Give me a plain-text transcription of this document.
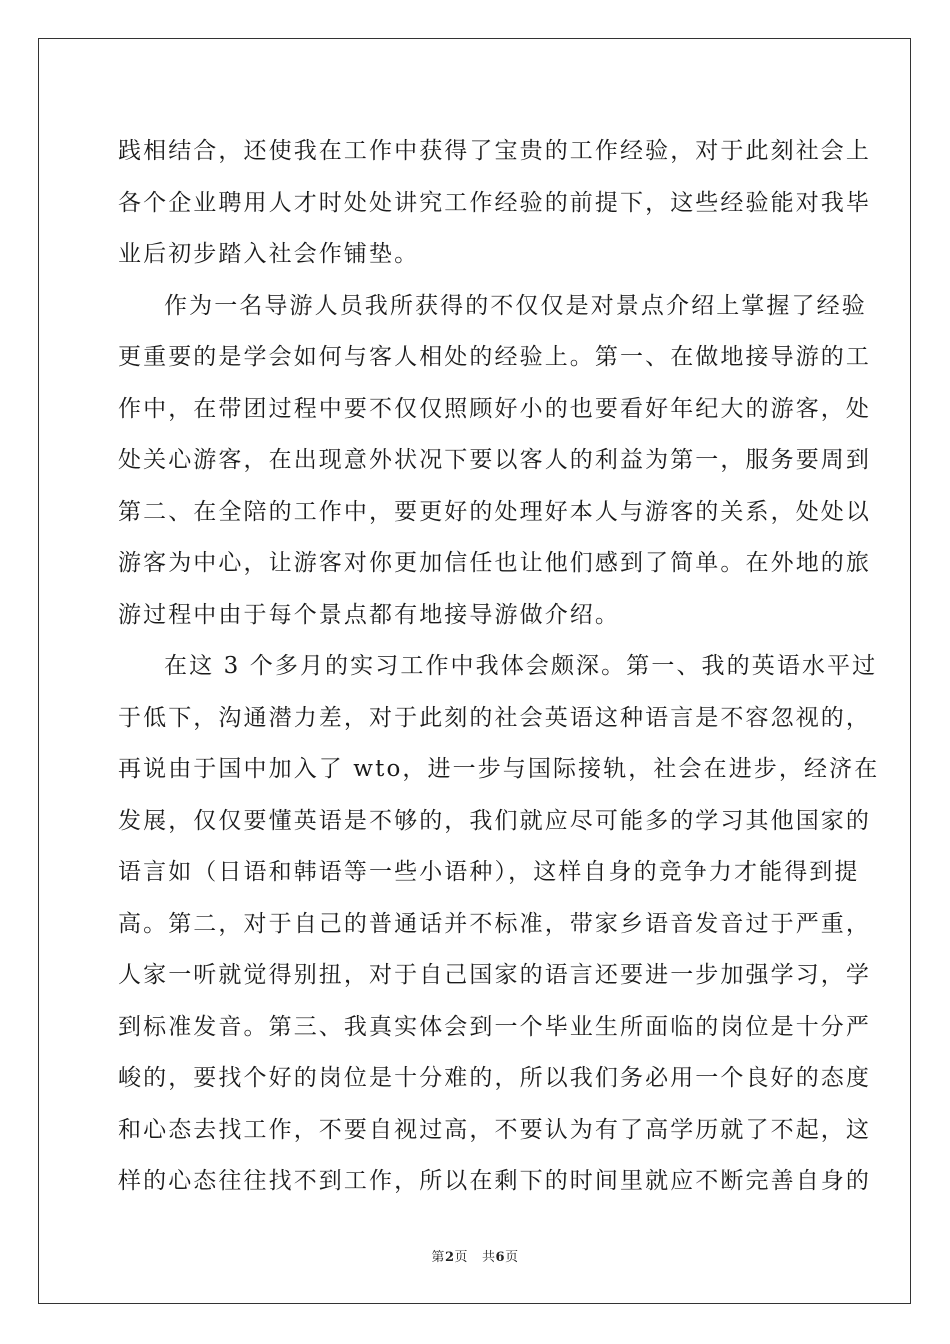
践相结合，还使我在工作中获得了宝贵的工作经验，对于此刻社会上
各个企业聘用人才时处处讲究工作经验的前提下，这些经验能对我毕
业后初步踏入社会作铺垫。
作为一名导游人员我所获得的不仅仅是对景点介绍上掌握了经验
更重要的是学会如何与客人相处的经验上。第一、在做地接导游的工
作中，在带团过程中要不仅仅照顾好小的也要看好年纪大的游客，处
处关心游客，在出现意外状况下要以客人的利益为第一，服务要周到
第二、在全陪的工作中，要更好的处理好本人与游客的关系，处处以
游客为中心，让游客对你更加信任也让他们感到了简单。在外地的旅
游过程中由于每个景点都有地接导游做介绍。
在这 3 个多月的实习工作中我体会颇深。第一、我的英语水平过
于低下，沟通潜力差，对于此刻的社会英语这种语言是不容忽视的，
再说由于国中加入了 wto，进一步与国际接轨，社会在进步，经济在
发展，仅仅要懂英语是不够的，我们就应尽可能多的学习其他国家的
语言如（日语和韩语等一些小语种），这样自身的竞争力才能得到提
高。第二，对于自己的普通话并不标准，带家乡语音发音过于严重，
人家一听就觉得别扭，对于自己国家的语言还要进一步加强学习，学
到标准发音。第三、我真实体会到一个毕业生所面临的岗位是十分严
峻的，要找个好的岗位是十分难的，所以我们务必用一个良好的态度
和心态去找工作，不要自视过高，不要认为有了高学历就了不起，这
样的心态往往找不到工作，所以在剩下的时间里就应不断完善自身的
第2页 共6页
